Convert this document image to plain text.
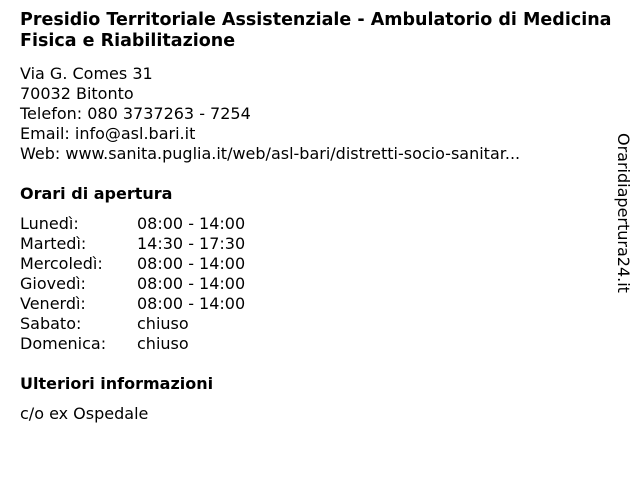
Presidio Territoriale Assistenziale - Ambulatorio di Medicina Fisica e Riabilitazione
Via G. Comes 31
70032 Bitonto
Telefon: 080 3737263 - 7254
Email: info@asl.bari.it
Web: www.sanita.puglia.it/web/asl-bari/distretti-socio-sanitar...
Orari di apertura
Lunedì:	08:00 - 14:00
Martedì:	14:30 - 17:30
Mercoledì:	08:00 - 14:00
Giovedì:	08:00 - 14:00
Venerdì:	08:00 - 14:00
Sabato:	chiuso
Domenica:	chiuso
Ulteriori informazioni
c/o ex Ospedale
Oraridiapertura24.it
